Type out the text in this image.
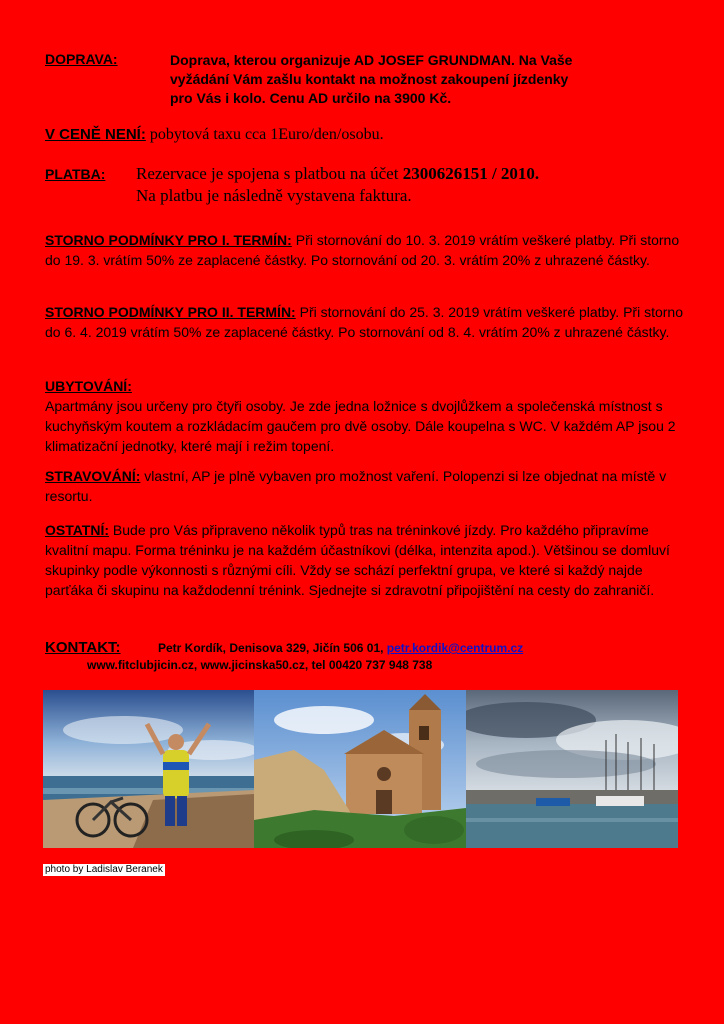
DOPRAVA:	Doprava, kterou organizuje AD JOSEF GRUNDMAN. Na Vaše
vyžádání Vám zašlu kontakt na možnost zakoupení jízdenky
pro Vás i kolo. Cenu AD určilo na 3900 Kč.
V CENĚ NENÍ: pobytová taxu cca 1Euro/den/osobu.
PLATBA: Rezervace je spojena s platbou na účet 2300626151 / 2010.
Na platbu je následně vystavena faktura.
STORNO PODMÍNKY PRO I. TERMÍN: Při stornování do 10. 3. 2019 vrátím veškeré platby. Při storno do 19. 3. vrátím 50% ze zaplacené částky. Po stornování od 20. 3. vrátím 20% z uhrazené částky.
STORNO PODMÍNKY PRO II. TERMÍN: Při stornování do 25. 3. 2019 vrátím veškeré platby. Při storno do 6. 4. 2019 vrátím 50% ze zaplacené částky. Po stornování od 8. 4. vrátím 20% z uhrazené částky.
UBYTOVÁNÍ:
Apartmány jsou určeny pro čtyři osoby. Je zde jedna ložnice s dvojlůžkem a společenská místnost s kuchyňským koutem a rozkládacím gaučem pro dvě osoby. Dále koupelna s WC. V každém AP jsou 2 klimatizační jednotky, které mají i režim topení.
STRAVOVÁNÍ: vlastní, AP je plně vybaven pro možnost vaření. Polopenzi si lze objednat na místě v resortu.
OSTATNÍ: Bude pro Vás připraveno několik typů tras na tréninkové jízdy. Pro každého připravíme kvalitní mapu. Forma tréninku je na každém účastníkovi (délka, intenzita apod.). Většinou se domluví skupinky podle výkonnosti s různými cíli. Vždy se schází perfektní grupa, ve které si každý najde parťáka či skupinu na každodenní trénink. Sjednejte si zdravotní připojištění na cesty do zahraničí.
KONTAKT:	Petr Kordík, Denisova 329, Jičín 506 01, petr.kordik@centrum.cz
www.fitclubjicin.cz, www.jicinska50.cz, tel 00420 737 948 738
photo by Ladislav Beranek
